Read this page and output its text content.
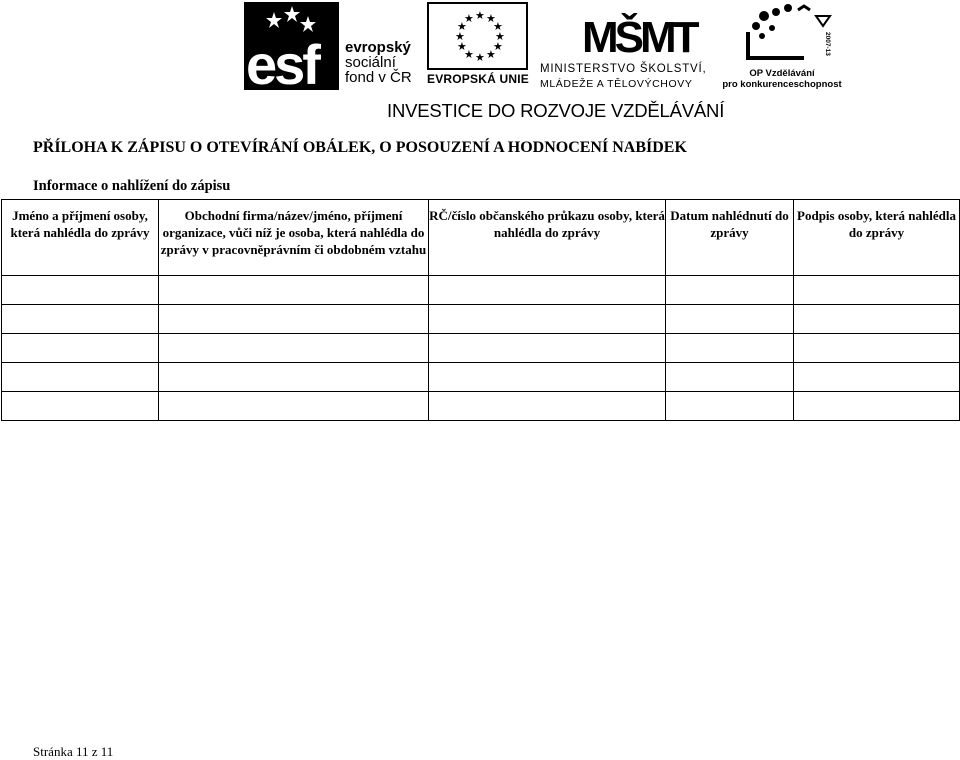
esf evropský
sociální
fond v ČR
★ ★
★
★
★
★
★
★
★
★
★
★
EVROPSKÁ UNIE
MŠMT
MINISTERSTVO ŠKOLSTVÍ,
MLÁDEŽE A TĚLOVÝCHOVY
2007-13
OP Vzdělávání
pro konkurenceschopnost
INVESTICE DO ROZVOJE VZDĚLÁVÁNÍ
PŘÍLOHA K ZÁPISU O OTEVÍRÁNÍ OBÁLEK, O POSOUZENÍ A HODNOCENÍ NABÍDEK
Informace o nahlížení do zápisu
Jméno a příjmení osoby, která nahlédla do zprávy	Obchodní firma/název/jméno, příjmení organizace, vůči níž je osoba, která nahlédla do zprávy v pracovněprávním či obdobném vztahu	RČ/číslo občanského průkazu osoby, která nahlédla do zprávy	Datum nahlédnutí do zprávy	Podpis osoby, která nahlédla do zprávy

Stránka 11 z 11
